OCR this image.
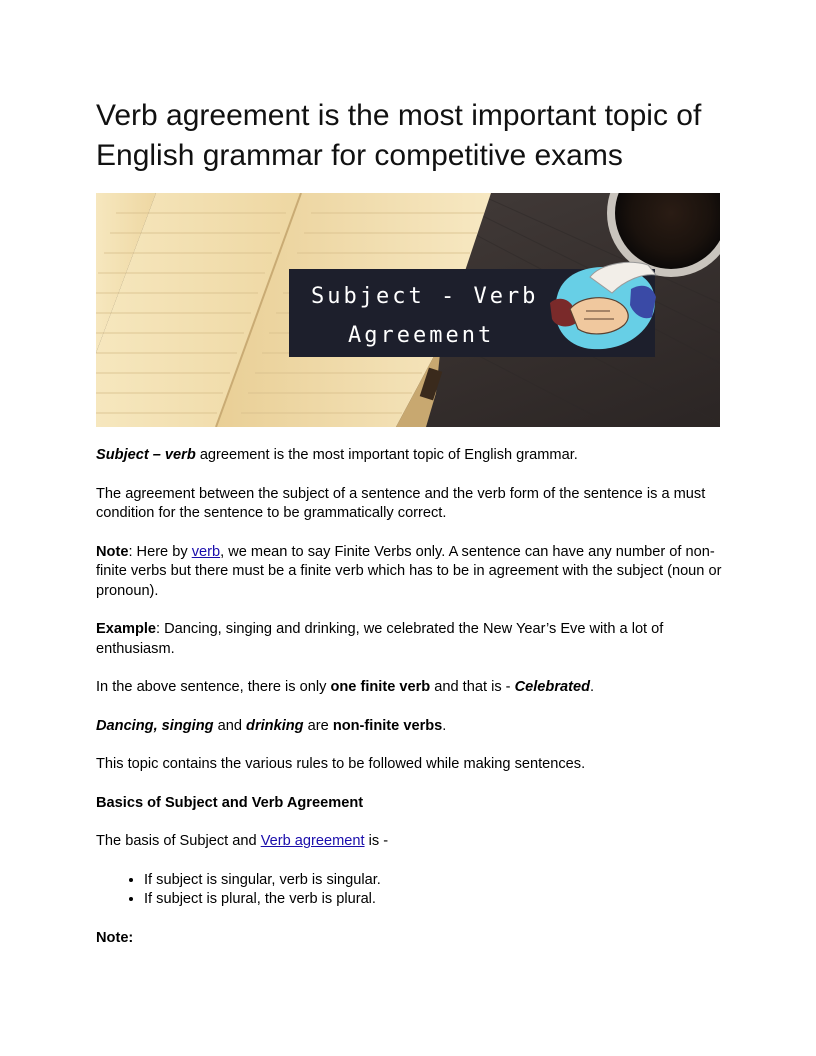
Verb agreement is the most important topic of English grammar for competitive exams
Subject - Verb
Agreement

Subject – verb agreement is the most important topic of English grammar.

The agreement between the subject of a sentence and the verb form of the sentence is a must condition for the sentence to be grammatically correct.

Note: Here by verb, we mean to say Finite Verbs only. A sentence can have any number of non-finite verbs but there must be a finite verb which has to be in agreement with the subject (noun or pronoun).

Example: Dancing, singing and drinking, we celebrated the New Year’s Eve with a lot of enthusiasm.

In the above sentence, there is only one finite verb and that is - Celebrated.

Dancing, singing and drinking are non-finite verbs.

This topic contains the various rules to be followed while making sentences.

Basics of Subject and Verb Agreement

The basis of Subject and Verb agreement is -

• If subject is singular, verb is singular.
• If subject is plural, the verb is plural.

Note:
